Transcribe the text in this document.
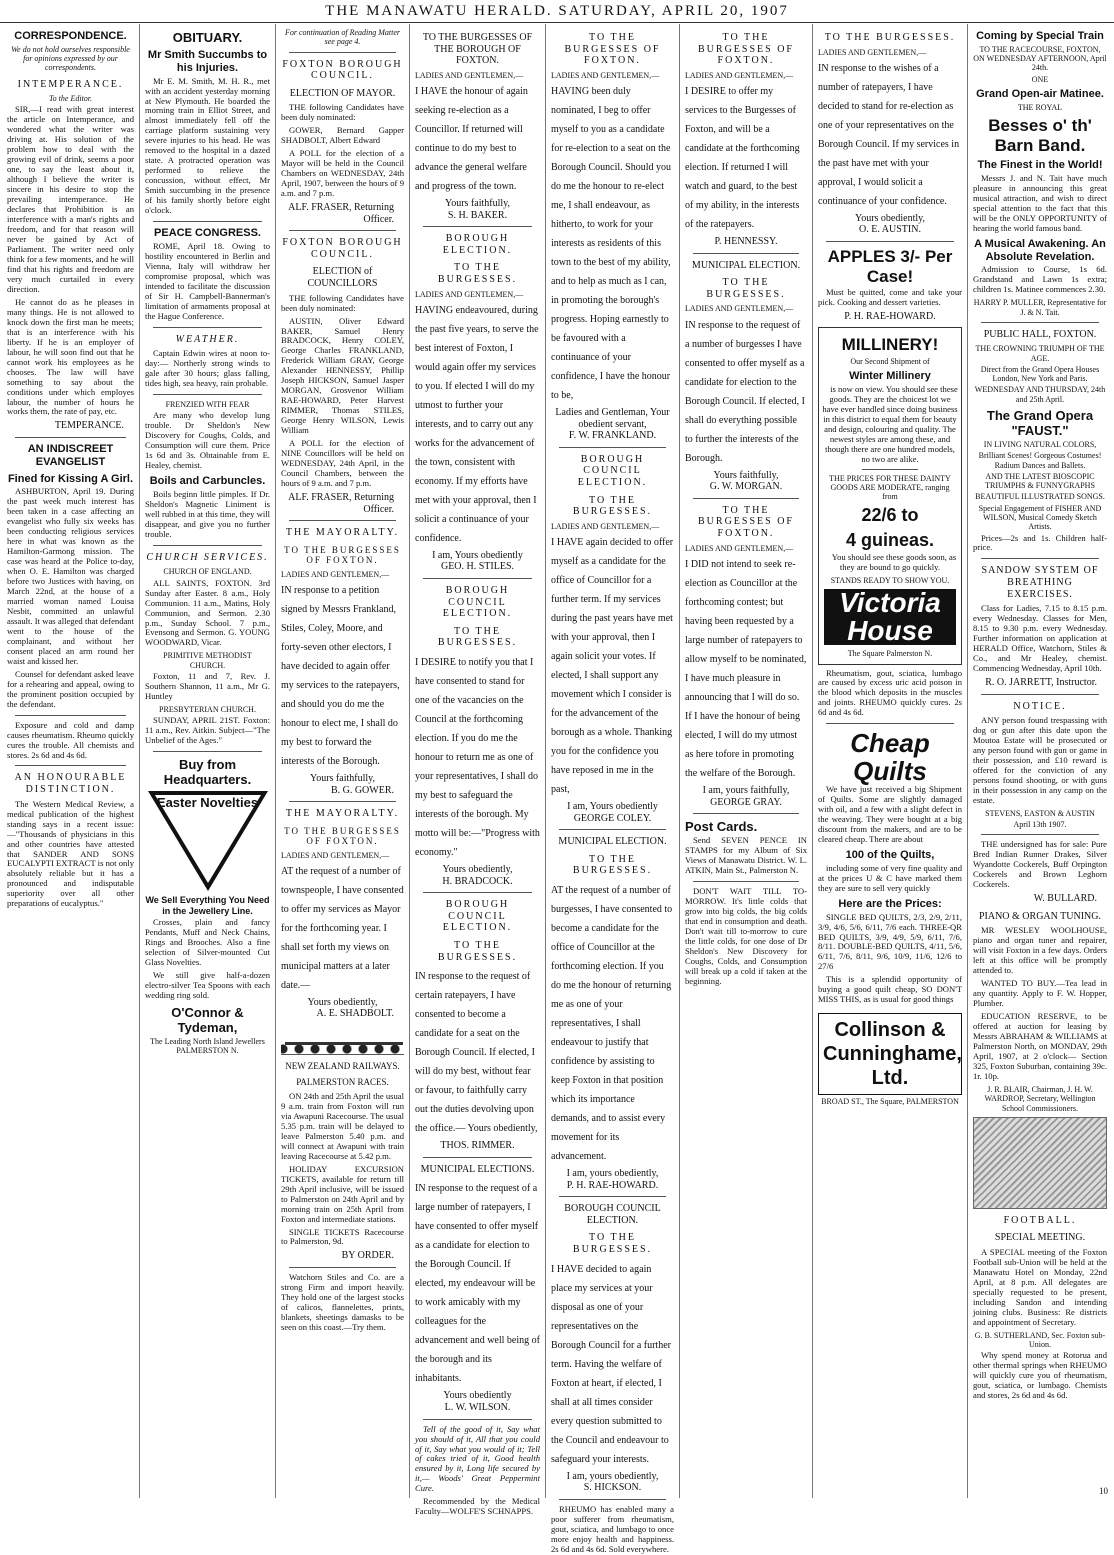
THE MANAWATU HERALD. SATURDAY, APRIL 20, 1907
CORRESPONDENCE.
We do not hold ourselves responsible for opinions expressed by our correspondents.
INTEMPERANCE.
To the Editor.

SIR,—I read with great interest the article on Intemperance, and wondered what the writer was driving at. His solution of the problem how to deal with the growing evil of drink, seems a poor one, to say the least about it, although I believe the writer is sincere in his desire to stop the prevailing intemperance. He declares that Prohibition is an interference with a man's rights and freedom, and for that reason will never be gained by Act of Parliament. The writer need only think for a few moments, and he will find that his rights and freedom are very much curtailed in every direction.

He cannot do as he pleases in many things. He is not allowed to knock down the first man he meets; that is an interference with his liberty. If he is an employer of labour, he will soon find out that he cannot work his employees as he chooses. The law will have something to say about the conditions under which employes labour, the number of hours he works them, the rate of pay, etc.

TEMPERANCE.
AN INDISCREET EVANGELIST
Fined for Kissing A Girl.

ASHBURTON, April 19. During the past week much interest has been taken in a case affecting an evangelist who fully six weeks has been conducting religious services here in what was known as the Hamilton-Garmong mission. The case was heard at the Police to-day, when O. E. Hamilton was charged before two Justices with having, on March 22nd, at the house of a married woman named Louisa Nesbit, committed an unlawful assault. It was alleged that defendant went to the house of the complainant, and without her consent placed an arm round her waist and kissed her.

Counsel for defendant asked leave for a rehearing and appeal, owing to the prominent position occupied by the defendant.

Exposure and cold and damp causes rheumatism. Rheumo quickly cures the trouble. All chemists and stores. 2s 6d and 4s 6d.

AN HONOURABLE DISTINCTION.

The Western Medical Review, a medical publication of the highest standing says in a recent issue:—"Thousands of physicians in this and other countries have attested that SANDER AND SONS EUCALYPTI EXTRACT is not only absolutely reliable but it has a pronounced and indisputable superiority over all other preparations of eucalyptus."

OBITUARY.
Mr Smith Succumbs to his Injuries.

Mr E. M. Smith, M. H. R., met with an accident yesterday morning at New Plymouth. He boarded the morning train in Elliot Street, and almost immediately fell off the carriage platform sustaining very severe injuries to his head. He was removed to the hospital in a dazed state. A protracted operation was performed to relieve the concussion, without effect, Mr Smith succumbing in the presence of his family shortly before eight o'clock.

PEACE CONGRESS.

ROME, April 18. Owing to hostility encountered in Berlin and Vienna, Italy will withdraw her compromise proposal, which was intended to facilitate the discussion of Sir H. Campbell-Bannerman's limitation of armaments proposal at the Hague Conference.

WEATHER.

Captain Edwin wires at noon to-day:— Northerly strong winds to gale after 30 hours; glass falling, tides high, sea heavy, rain probable.

FRENZIED WITH FEAR

Are many who develop lung trouble. Dr Sheldon's New Discovery for Coughs, Colds, and Consumption will cure them. Price 1s 6d and 3s. Obtainable from E. Healey, chemist.

Boils and Carbuncles.

Boils beginn little pimples. If Dr. Sheldon's Magnetic Liniment is well rubbed in at this time, they will disappear, and give you no further trouble.

CHURCH SERVICES.
CHURCH OF ENGLAND.

ALL SAINTS, FOXTON. 3rd Sunday after Easter. 8 a.m., Holy Communion. 11 a.m., Matins, Holy Communion, and Sermon. 2.30 p.m., Sunday School. 7 p.m., Evensong and Sermon. G. YOUNG WOODWARD, Vicar.

PRIMITIVE METHODIST CHURCH.

Foxton, 11 and 7, Rev. J. Southern Shannon, 11 a.m., Mr G. Huntley

PRESBYTERIAN CHURCH.

SUNDAY, APRIL 21ST. Foxton: 11 a.m., Rev. Aitkin. Subject—"The Unbelief of the Ages."

Buy from Headquarters.
Easter Novelties
We Sell Everything You Need in the Jewellery Line.

Crosses, plain and fancy Pendants, Muff and Neck Chains, Rings and Brooches. Also a fine selection of Silver-mounted Cut Glass Novelties.

We still give half-a-dozen electro-silver Tea Spoons with each wedding ring sold.

O'Connor & Tydeman,
The Leading North Island Jewellers PALMERSTON N.
For continuation of Reading Matter see page 4.
FOXTON BOROUGH COUNCIL.
ELECTION OF MAYOR.

THE following Candidates have been duly nominated:

GOWER, Bernard Gapper SHADBOLT, Albert Edward

A POLL for the election of a Mayor will be held in the Council Chambers on WEDNESDAY, 24th April, 1907, between the hours of 9 a.m. and 7 p.m.

ALF. FRASER, Returning Officer.
FOXTON BOROUGH COUNCIL.
ELECTION of COUNCILLORS

THE following Candidates have been duly nominated:

AUSTIN, Oliver Edward BAKER, Samuel Henry BRADCOCK, Henry COLEY, George Charles FRANKLAND, Frederick William GRAY, George Alexander HENNESSY, Phillip Joseph HICKSON, Samuel Jasper MORGAN, Grosvenor William RAE-HOWARD, Peter Harvest RIMMER, Thomas STILES, George Henry WILSON, Lewis William

A POLL for the election of NINE Councillors will be held on WEDNESDAY, 24th April, in the Council Chambers, between the hours of 9 a.m. and 7 p.m.

ALF. FRASER, Returning Officer.
THE MAYORALTY.
TO THE BURGESSES OF FOXTON.
LADIES AND GENTLEMEN,—

IN response to a petition signed by Messrs Frankland, Stiles, Coley, Moore, and forty-seven other electors, I have decided to again offer my services to the ratepayers, and should you do me the honour to elect me, I shall do my best to forward the interests of the Borough.

Yours faithfully,
B. G. GOWER.
THE MAYORALTY.
TO THE BURGESSES OF FOXTON.
LADIES AND GENTLEMEN,—

AT the request of a number of townspeople, I have consented to offer my services as Mayor for the forthcoming year. I shall set forth my views on municipal matters at a later date.—

Yours obediently,
A. E. SHADBOLT.
NEW ZEALAND RAILWAYS.
PALMERSTON RACES.

ON 24th and 25th April the usual 9 a.m. train from Foxton will run via Awapuni Racecourse. The usual 5.35 p.m. train will be delayed to leave Palmerston 5.40 p.m. and will connect at Awapuni with train leaving Racecourse at 5.42 p.m.

HOLIDAY EXCURSION TICKETS, available for return till 29th April inclusive, will be issued to Palmerston on 24th April and by morning train on 25th April from Foxton and intermediate stations.

SINGLE TICKETS Racecourse to Palmerston, 9d.

BY ORDER.

Watchorn Stiles and Co. are a strong Firm and import heavily. They hold one of the largest stocks of calicos, flannelettes, prints, blankets, sheetings damasks to be seen on this coast.—Try them.

TO THE BURGESSES OF THE BOROUGH OF FOXTON.
LADIES AND GENTLEMEN,—

I HAVE the honour of again seeking re-election as a Councillor. If returned will continue to do my best to advance the general welfare and progress of the town.

Yours faithfully,
S. H. BAKER.
BOROUGH ELECTION.
TO THE BURGESSES.
LADIES AND GENTLEMEN,—

HAVING endeavoured, during the past five years, to serve the best interest of Foxton, I would again offer my services to you. If elected I will do my utmost to further your interests, and to carry out any works for the advancement of the town, consistent with economy. If my efforts have met with your approval, then I solicit a continuance of your confidence.

I am, Yours obediently
GEO. H. STILES.
BOROUGH COUNCIL ELECTION.
TO THE BURGESSES.

I DESIRE to notify you that I have consented to stand for one of the vacancies on the Council at the forthcoming election. If you do me the honour to return me as one of your representatives, I shall do my best to safeguard the interests of the borough. My motto will be:—"Progress with economy."

Yours obediently,
H. BRADCOCK.
BOROUGH COUNCIL ELECTION.
TO THE BURGESSES.

IN response to the request of certain ratepayers, I have consented to become a candidate for a seat on the Borough Council. If elected, I will do my best, without fear or favour, to faithfully carry out the duties devolving upon the office.— Yours obediently,

THOS. RIMMER.
MUNICIPAL ELECTIONS.

IN response to the request of a large number of ratepayers, I have consented to offer myself as a candidate for election to the Borough Council. If elected, my endeavour will be to work amicably with my colleagues for the advancement and well being of the borough and its inhabitants.

Yours obediently
L. W. WILSON.

Tell of the good of it, Say what you should of it, All that you could of it, Say what you would of it; Tell of cakes tried of it, Good health ensured by it, Long life secured by it,— Woods' Great Peppermint Cure.

Recommended by the Medical Faculty—WOLFE'S SCHNAPPS.

TO THE BURGESSES OF FOXTON.
LADIES AND GENTLEMEN,—

HAVING been duly nominated, I beg to offer myself to you as a candidate for re-election to a seat on the Borough Council. Should you do me the honour to re-elect me, I shall endeavour, as hitherto, to work for your interests as residents of this town to the best of my ability, and to help as much as I can, in promoting the borough's progress. Hoping earnestly to be favoured with a continuance of your confidence, I have the honour to be,

Ladies and Gentleman, Your obedient servant,
F. W. FRANKLAND.
BOROUGH COUNCIL ELECTION.
TO THE BURGESSES.
LADIES AND GENTLEMEN,—

I HAVE again decided to offer myself as a candidate for the office of Councillor for a further term. If my services during the past years have met with your approval, then I again solicit your votes. If elected, I shall support any movement which I consider is for the advancement of the borough as a whole. Thanking you for the confidence you have reposed in me in the past,

I am, Yours obediently
GEORGE COLEY.
MUNICIPAL ELECTION.
TO THE BURGESSES.

AT the request of a number of burgesses, I have consented to become a candidate for the office of Councillor at the forthcoming election. If you do me the honour of returning me as one of your representatives, I shall endeavour to justify that confidence by assisting to keep Foxton in that position which its importance demands, and to assist every movement for its advancement.

I am, yours obediently,
P. H. RAE-HOWARD.
BOROUGH COUNCIL ELECTION.
TO THE BURGESSES.

I HAVE decided to again place my services at your disposal as one of your representatives on the Borough Council for a further term. Having the welfare of Foxton at heart, if elected, I shall at all times consider every question submitted to the Council and endeavour to safeguard your interests.

I am, yours obediently,
S. HICKSON.

RHEUMO has enabled many a poor sufferer from rheumatism, gout, sciatica, and lumbago to once more enjoy health and happiness. 2s 6d and 4s 6d. Sold everywhere.

TO THE BURGESSES OF FOXTON.
LADIES AND GENTLEMEN,—

I DESIRE to offer my services to the Burgesses of Foxton, and will be a candidate at the forthcoming election. If returned I will watch and guard, to the best of my ability, in the interests of the ratepayers.

P. HENNESSY.
MUNICIPAL ELECTION.
TO THE BURGESSES.
LADIES AND GENTLEMEN,—

IN response to the request of a number of burgesses I have consented to offer myself as a candidate for election to the Borough Council. If elected, I shall do everything possible to further the interests of the Borough.

Yours faithfully,
G. W. MORGAN.
TO THE BURGESSES OF FOXTON.
LADIES AND GENTLEMEN,—

I DID not intend to seek re-election as Councillor at the forthcoming contest; but having been requested by a large number of ratepayers to allow myself to be nominated, I have much pleasure in announcing that I will do so. If I have the honour of being elected, I will do my utmost as here tofore in promoting the welfare of the Borough.

I am, yours faithfully,
GEORGE GRAY.
Post Cards.

Send SEVEN PENCE IN STAMPS for my Album of Six Views of Manawatu District. W. L. ATKIN, Main St., Palmerston N.

DON'T WAIT TILL TO-MORROW. It's little colds that grow into big colds, the big colds that end in consumption and death. Don't wait till to-morrow to cure the little colds, for one dose of Dr Sheldon's New Discovery for Coughs, Colds, and Consumption will break up a cold if taken at the beginning.

TO THE BURGESSES.
LADIES AND GENTLEMEN,—

IN response to the wishes of a number of ratepayers, I have decided to stand for re-election as one of your representatives on the Borough Council. If my services in the past have met with your approval, I would solicit a continuance of your confidence.

Yours obediently,
O. E. AUSTIN.
APPLES 3/- Per Case!

Must be quitted, come and take your pick. Cooking and dessert varieties.

P. H. RAE-HOWARD.
MILLINERY!
Our Second Shipment of
Winter Millinery

is now on view. You should see these goods. They are the choicest lot we have ever handled since doing business in this district to equal them for beauty and design, colouring and quality. The newest styles are among these, and though there are one hundred models, no two are alike.

THE PRICES FOR THESE DAINTY GOODS ARE MODERATE, ranging from
22/6 to
4 guineas.

You should see these goods soon, as they are bound to go quickly.

STANDS READY TO SHOW YOU.
Victoria House
The Square Palmerston N.

Rheumatism, gout, sciatica, lumbago are caused by excess uric acid poison in the blood which deposits in the muscles and joints. RHEUMO quickly cures. 2s 6d and 4s 6d.

Cheap Quilts

We have just received a big Shipment of Quilts. Some are slightly damaged with oil, and a few with a slight defect in the weaving. They were bought at a big discount from the makers, and are to be cleared cheap. There are about

100 of the Quilts,

including some of very fine quality and at the prices U & C have marked them they are sure to sell very quickly

Here are the Prices:

SINGLE BED QUILTS, 2/3, 2/9, 2/11, 3/9, 4/6, 5/6, 6/11, 7/6 each. THREE-QR BED QUILTS, 3/9, 4/9, 5/9, 6/11, 7/6, 8/11. DOUBLE-BED QUILTS, 4/11, 5/6, 6/11, 7/6, 8/11, 9/6, 10/9, 11/6, 12/6 to 27/6

This is a splendid opportunity of buying a good quilt cheap, SO DON'T MISS THIS, as is usual for good things

Collinson & Cunninghame, Ltd.
BROAD ST., The Square, PALMERSTON
Coming by Special Train
TO THE RACECOURSE, FOXTON, ON WEDNESDAY AFTERNOON, April 24th.
ONE
Grand Open-air Matinee.
THE ROYAL
Besses o' th' Barn Band.
The Finest in the World!

Messrs J. and N. Tait have much pleasure in announcing this great musical attraction, and wish to direct special attention to the fact that this will be the ONLY OPPORTUNITY of hearing the world famous band.

A Musical Awakening. An Absolute Revelation.

Admission to Course, 1s 6d. Grandstand and Lawn 1s extra; children 1s. Matinee commences 2.30.

HARRY P. MULLER, Representative for J. & N. Tait.
PUBLIC HALL, FOXTON.
THE CROWNING TRIUMPH OF THE AGE.
Direct from the Grand Opera Houses London, New York and Paris.
WEDNESDAY AND THURSDAY, 24th and 25th April.
The Grand Opera "FAUST."
IN LIVING NATURAL COLORS,
Brilliant Scenes! Gorgeous Costumes! Radium Dances and Ballets.
AND THE LATEST BIOSCOPIC TRIUMPHS & FUNNYGRAPHS
BEAUTIFUL ILLUSTRATED SONGS.
Special Engagement of FISHER AND WILSON, Musical Comedy Sketch Artists.

Prices—2s and 1s. Children half-price.

SANDOW SYSTEM OF BREATHING EXERCISES.

Class for Ladies, 7.15 to 8.15 p.m. every Wednesday. Classes for Men, 8.15 to 9.30 p.m. every Wednesday. Further information on application at HERALD Office, Watchorn, Stiles & Co., and Mr Healey, chemist. Commencing Wednesday, April 10th.

R. O. JARRETT, Instructor.
NOTICE.

ANY person found trespassing with dog or gun after this date upon the Moutoa Estate will be prosecuted or any person found with gun or game in their possession, and £10 reward is offered for the conviction of any persons found shooting, or with guns in their possession in any camp on the estate.

STEVENS, EASTON & AUSTIN
April 13th 1907.

THE undersigned has for sale: Pure Bred Indian Runner Drakes, Silver Wyandotte Cockerels, Buff Orpington Cockerels and Brown Leghorn Cockerels.

W. BULLARD.
PIANO & ORGAN TUNING.

MR WESLEY WOOLHOUSE, piano and organ tuner and repairer, will visit Foxton in a few days. Orders left at this office will be promptly attended to.

WANTED TO BUY.—Tea lead in any quantity. Apply to F. W. Hopper, Plumber.

EDUCATION RESERVE, to be offered at auction for leasing by Messrs ABRAHAM & WILLIAMS at Palmerston North, on MONDAY, 29th April, 1907, at 2 o'clock— Section 325, Foxton Suburban, containing 39c. 1r. 10p.

J. R. BLAIR, Chairman, J. H. W. WARDROP, Secretary, Wellington School Commissioners.
FOOTBALL.
SPECIAL MEETING.

A SPECIAL meeting of the Foxton Football sub-Union will be held at the Manawatu Hotel on Monday, 22nd April, at 8 p.m. All delegates are specially requested to be present, including Sandon and intending joining clubs. Business: Re districts and appointment of Secretary.

G. B. SUTHERLAND, Sec. Foxton sub-Union.

Why spend money at Rotorua and other thermal springs when RHEUMO will quickly cure you of rheumatism, gout, sciatica, or lumbago. Chemists and stores, 2s 6d and 4s 6d.

10
